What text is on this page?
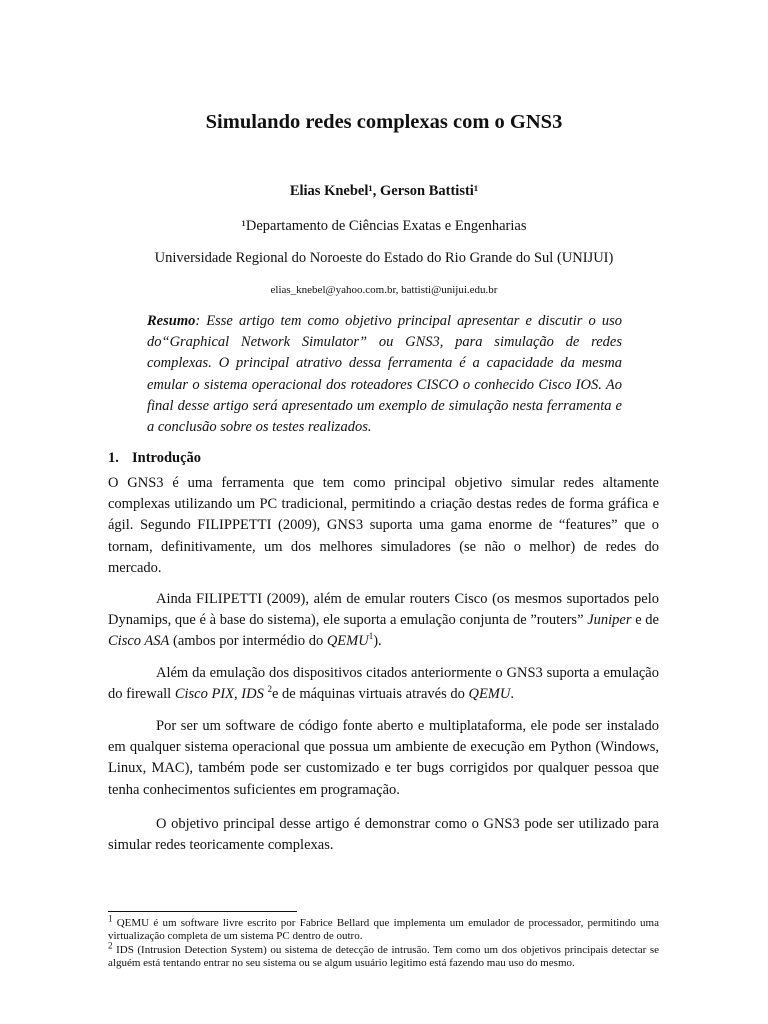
Simulando redes complexas com o GNS3
Elias Knebel¹, Gerson Battisti¹
¹Departamento de Ciências Exatas e Engenharias
Universidade Regional do Noroeste do Estado do Rio Grande do Sul (UNIJUI)
elias_knebel@yahoo.com.br, battisti@unijui.edu.br
Resumo: Esse artigo tem como objetivo principal apresentar e discutir o uso do“Graphical Network Simulator” ou GNS3, para simulação de redes complexas. O principal atrativo dessa ferramenta é a capacidade da mesma emular o sistema operacional dos roteadores CISCO o conhecido Cisco IOS. Ao final desse artigo será apresentado um exemplo de simulação nesta ferramenta e a conclusão sobre os testes realizados.
1. Introdução

O GNS3 é uma ferramenta que tem como principal objetivo simular redes altamente complexas utilizando um PC tradicional, permitindo a criação destas redes de forma gráfica e ágil. Segundo FILIPPETTI (2009), GNS3 suporta uma gama enorme de “features” que o tornam, definitivamente, um dos melhores simuladores (se não o melhor) de redes do mercado.

Ainda FILIPETTI (2009), além de emular routers Cisco (os mesmos suportados pelo Dynamips, que é à base do sistema), ele suporta a emulação conjunta de ”routers” Juniper e de Cisco ASA (ambos por intermédio do QEMU$^1$).

Além da emulação dos dispositivos citados anteriormente o GNS3 suporta a emulação do firewall Cisco PIX, IDS $^2$e de máquinas virtuais através do QEMU.

Por ser um software de código fonte aberto e multiplataforma, ele pode ser instalado em qualquer sistema operacional que possua um ambiente de execução em Python (Windows, Linux, MAC), também pode ser customizado e ter bugs corrigidos por qualquer pessoa que tenha conhecimentos suficientes em programação.

O objetivo principal desse artigo é demonstrar como o GNS3 pode ser utilizado para simular redes teoricamente complexas.

$^1$ QEMU é um software livre escrito por Fabrice Bellard que implementa um emulador de processador, permitindo uma virtualização completa de um sistema PC dentro de outro.

$^2$ IDS (Intrusion Detection System) ou sistema de detecção de intrusão. Tem como um dos objetivos principais detectar se alguém está tentando entrar no seu sistema ou se algum usuário legitimo está fazendo mau uso do mesmo.
